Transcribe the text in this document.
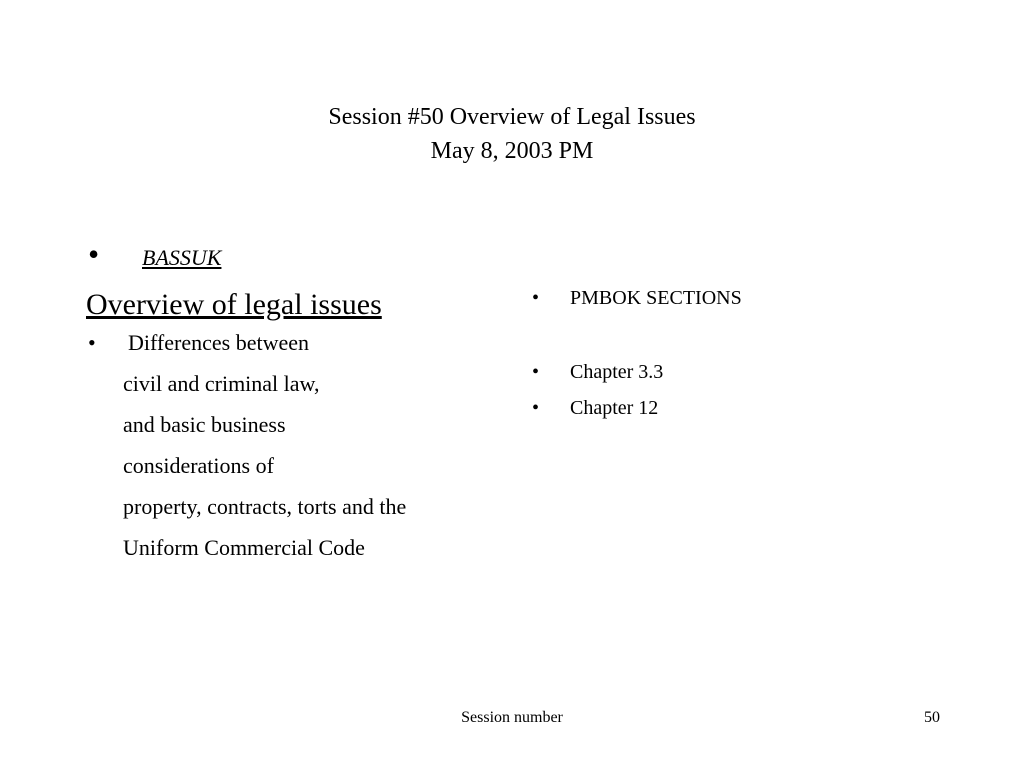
Session #50 Overview of Legal Issues
May 8, 2003 PM
• BASSUK
Overview of legal issues
• Differences between
civil and criminal law,
and basic business
considerations of
property, contracts, torts and the
Uniform Commercial Code
• PMBOK SECTIONS
• Chapter 3.3
• Chapter 12
Session number	50
